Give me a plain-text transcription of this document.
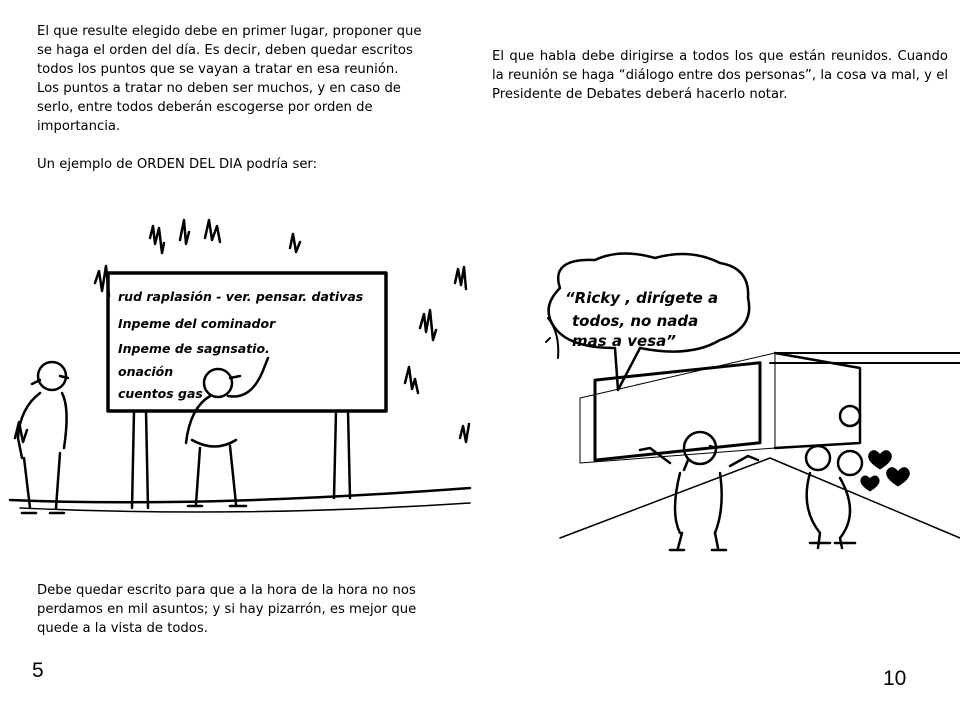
El que resulte elegido debe en primer lugar, proponer que

se haga el orden del día. Es decir, deben quedar escritos

todos los puntos que se vayan a tratar en esa reunión.

Los puntos a tratar no deben ser muchos, y en caso de

serlo, entre todos deberán escogerse por orden de

importancia.

Un ejemplo de ORDEN DEL DIA podría ser:

El que habla debe dirigirse a todos los que están reunidos. Cuando la reunión se haga “diálogo entre dos personas”, la cosa va mal, y el Presidente de Debates deberá hacerlo notar.

rud raplasión - ver. pensar. dativas
Inpeme del cominador
Inpeme de sagnsatio.
onación
cuentos gas
“Ricky , dirígete a
todos, no nada
mas a vesa”

Debe quedar escrito para que a la hora de la hora no nos

perdamos en mil asuntos; y si hay pizarrón, es mejor que

quede a la vista de todos.

5	10
